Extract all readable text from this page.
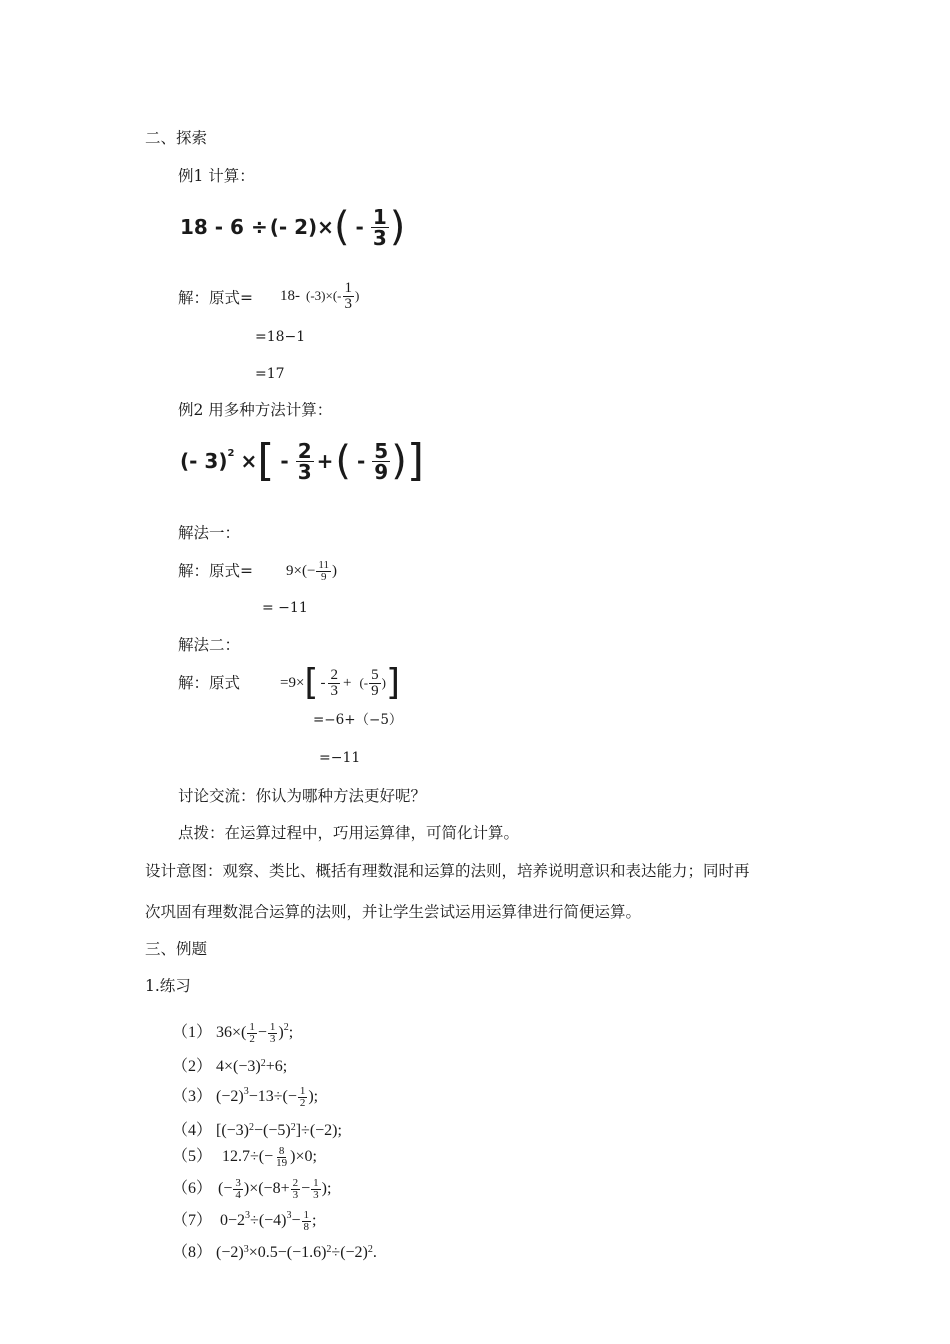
二、探索
例1 计算：
18 - 6 ÷ (- 2) × ( - $\frac{1}{3}$ )
解：原式= 18- (-3) ×(- $\frac{1}{3}$ )
=18−1
=17
例2 用多种方法计算：
(- 3)$^2$ × [ - $\frac{2}{3}$ + ( - $\frac{5}{9}$ ) ]
解法一：
解：原式= $9\times(- \frac{11}{9}$ )
= −11
解法二：
解：原式	=9× [ - $\frac{2}{3}$ + (- $\frac{5}{9}$ ) ]
=−6+（−5）
=−11
讨论交流：你认为哪种方法更好呢？
点拨：在运算过程中，巧用运算律，可简化计算。
设计意图：观察、类比、概括有理数混和运算的法则，培养说明意识和表达能力；同时再
次巩固有理数混合运算的法则，并让学生尝试运用运算律进行简便运算。
三、例题
1.练习
（1） $36\times( \frac{1}{2} - \frac{1}{3} )^2$ ;
（2） 4×(−3) 2 +6;
（3） $(-2)^3 -13\div(- \frac{1}{2}$ );
（4） [(−3) 2 −(−5) 2 ]÷(−2);
（5） $12.7\div(- \frac{8}{19} )\times 0$;
（6） (− $\frac{3}{4} )\times(-8+ \frac{2}{3} - \frac{1}{3}$ );
（7） $0-2^3 \div(-4)^3 - \frac{1}{8}$ ;
（8） (−2) 3 ×0.5−(−1.6) 2 ÷(−2) 2 .
